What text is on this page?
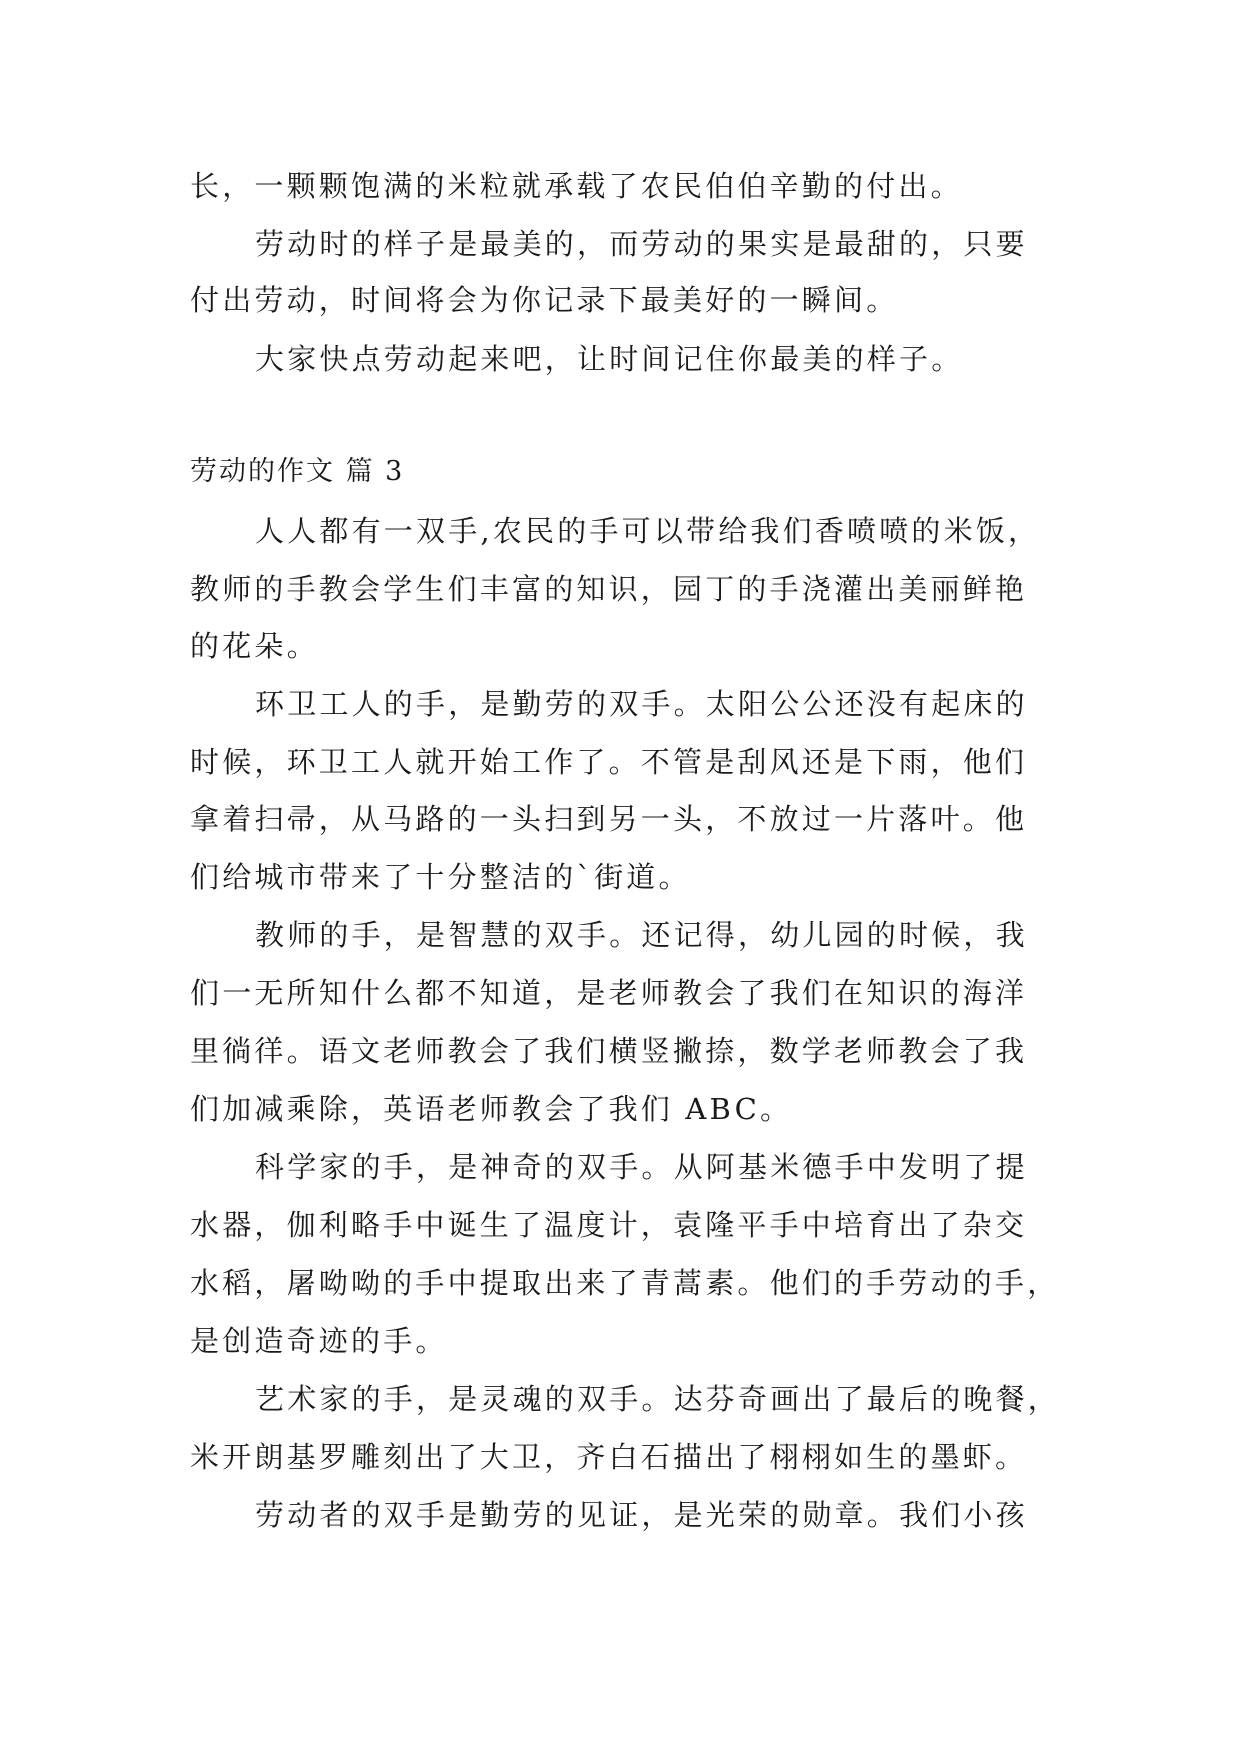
长，一颗颗饱满的米粒就承载了农民伯伯辛勤的付出。
劳动时的样子是最美的，而劳动的果实是最甜的，只要
付出劳动，时间将会为你记录下最美好的一瞬间。
大家快点劳动起来吧，让时间记住你最美的样子。
劳动的作文 篇 3
人人都有一双手,农民的手可以带给我们香喷喷的米饭，
教师的手教会学生们丰富的知识，园丁的手浇灌出美丽鲜艳
的花朵。
环卫工人的手，是勤劳的双手。太阳公公还没有起床的
时候，环卫工人就开始工作了。不管是刮风还是下雨，他们
拿着扫帚，从马路的一头扫到另一头，不放过一片落叶。他
们给城市带来了十分整洁的`街道。
教师的手，是智慧的双手。还记得，幼儿园的时候，我
们一无所知什么都不知道，是老师教会了我们在知识的海洋
里徜徉。语文老师教会了我们横竖撇捺，数学老师教会了我
们加减乘除，英语老师教会了我们 ABC。
科学家的手，是神奇的双手。从阿基米德手中发明了提
水器，伽利略手中诞生了温度计，袁隆平手中培育出了杂交
水稻，屠呦呦的手中提取出来了青蒿素。他们的手劳动的手，
是创造奇迹的手。
艺术家的手，是灵魂的双手。达芬奇画出了最后的晚餐，
米开朗基罗雕刻出了大卫，齐白石描出了栩栩如生的墨虾。
劳动者的双手是勤劳的见证，是光荣的勋章。我们小孩
